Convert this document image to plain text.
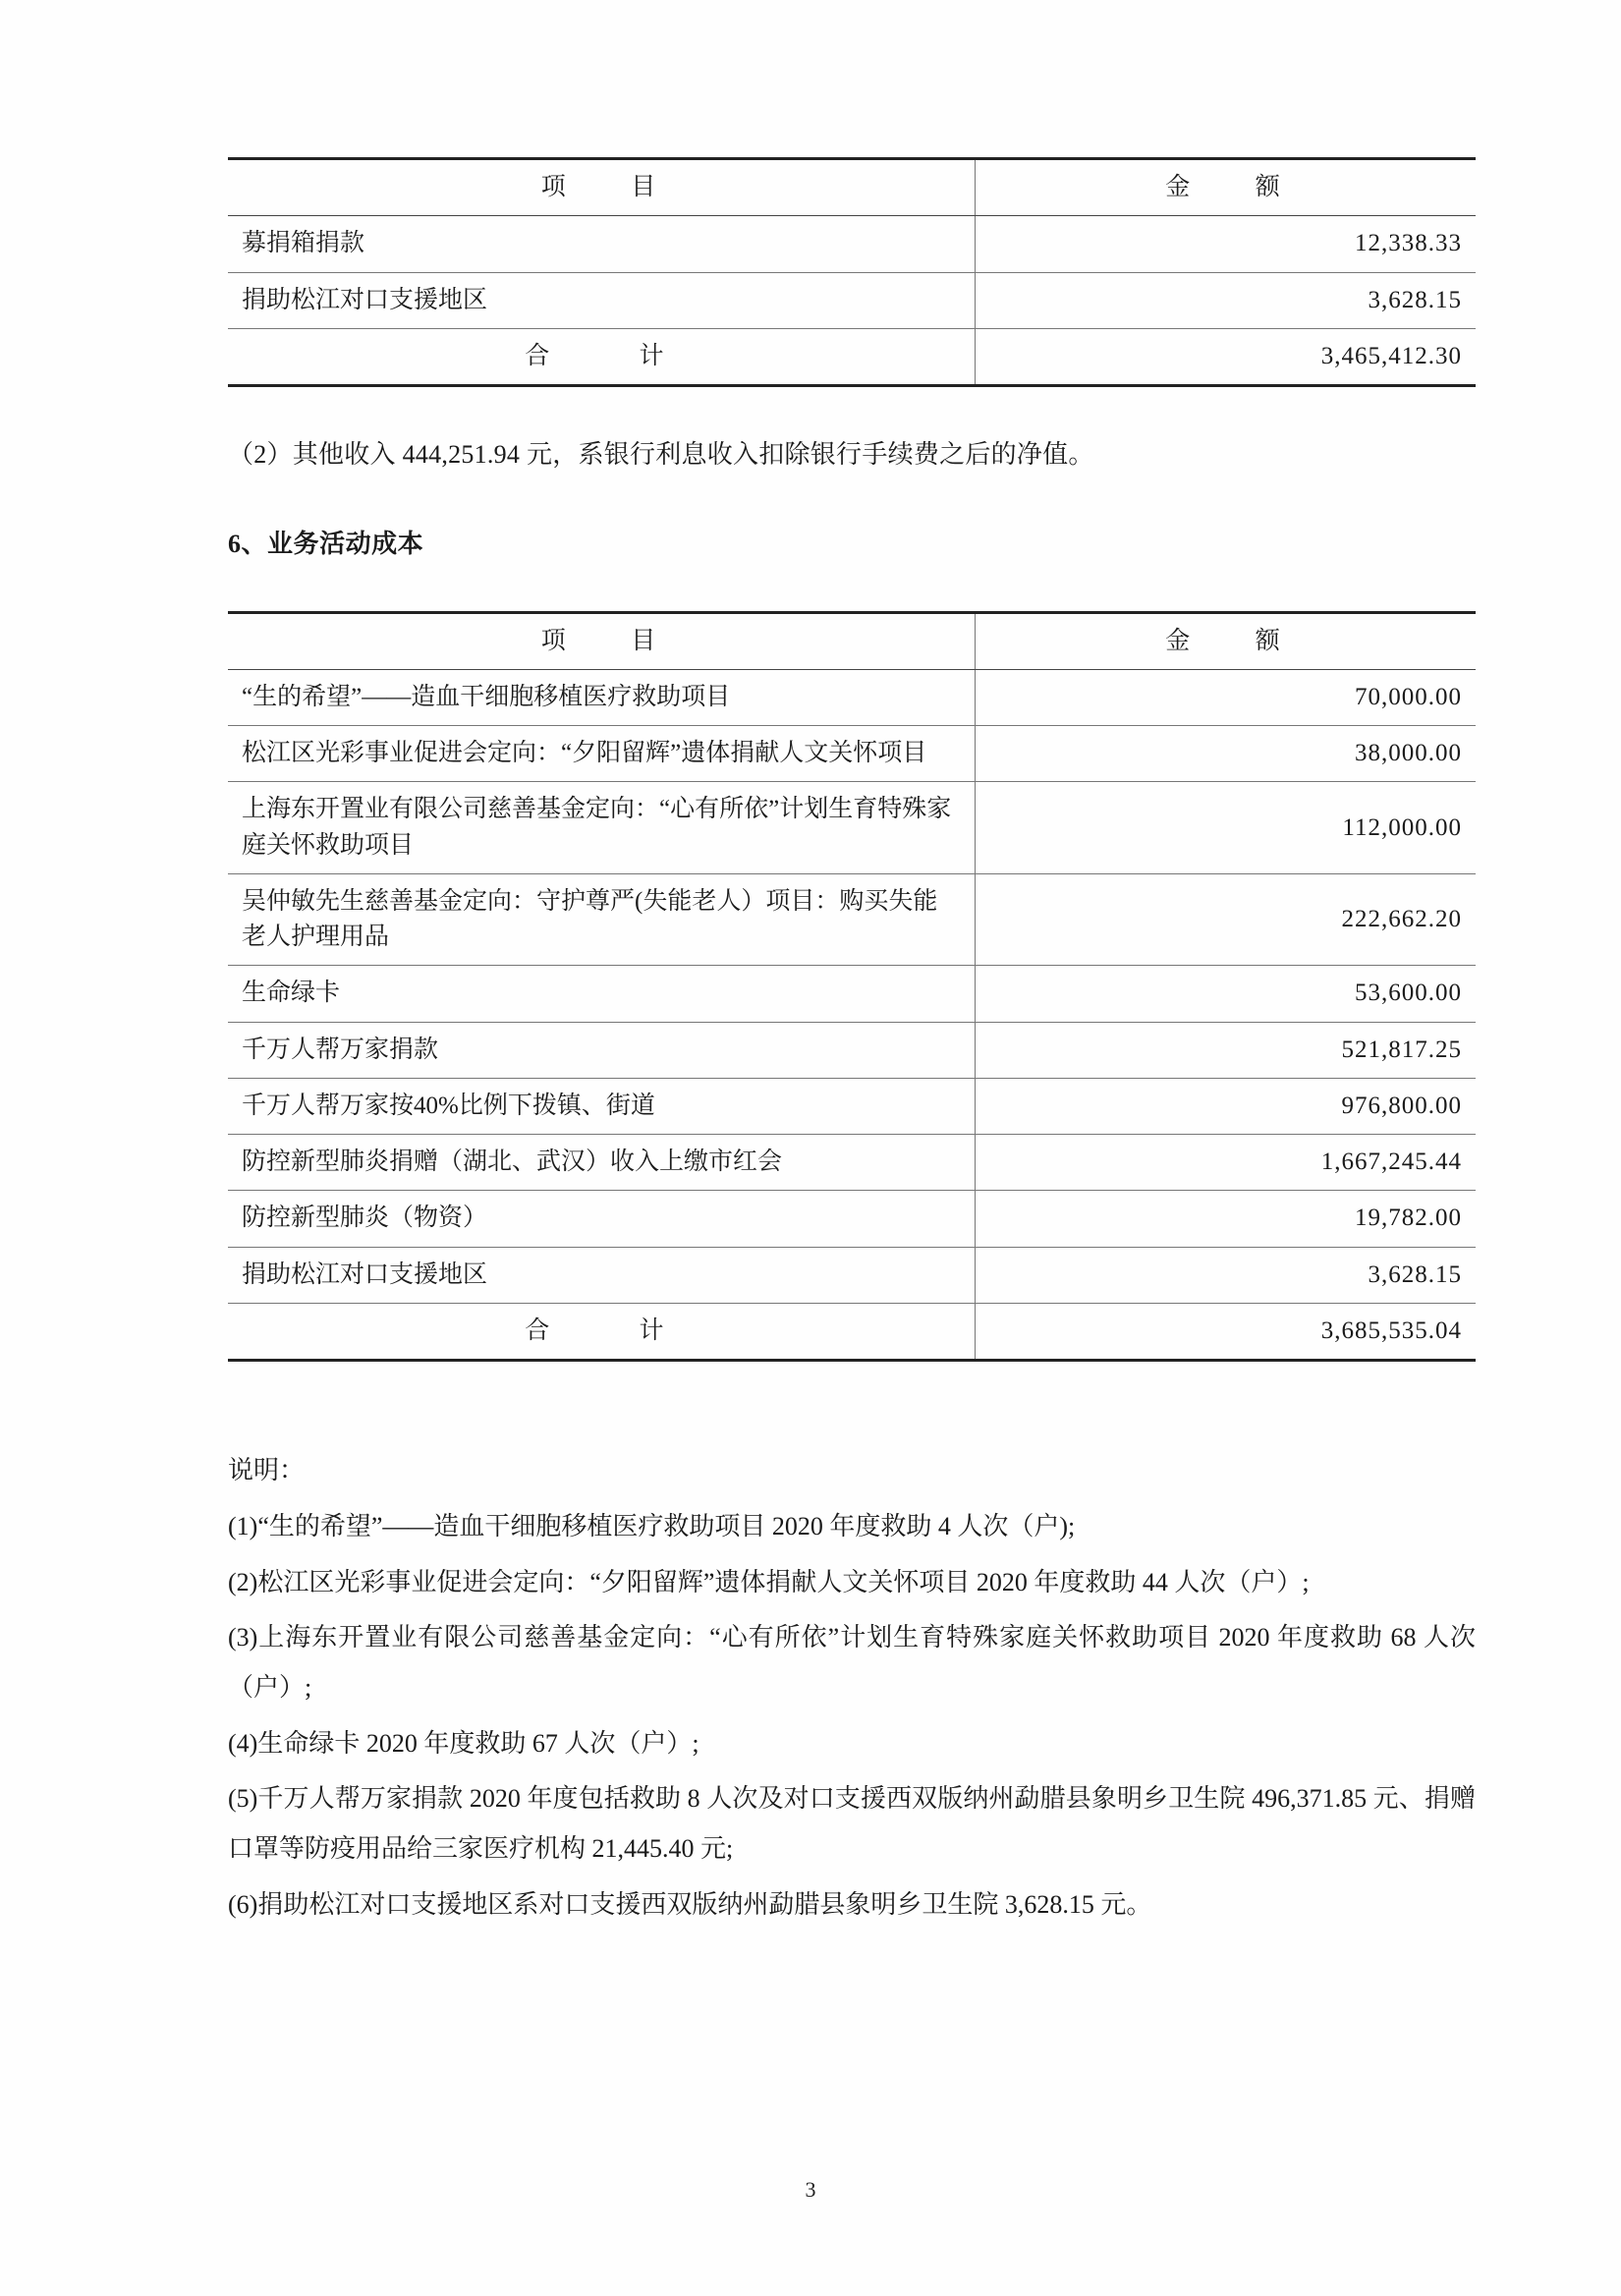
项　　目	金　　额
募捐箱捐款	12,338.33
捐助松江对口支援地区	3,628.15
合　　计	3,465,412.30

（2）其他收入 444,251.94 元，系银行利息收入扣除银行手续费之后的净值。

6、业务活动成本

项　　目	金　　额
“生的希望”——造血干细胞移植医疗救助项目	70,000.00
松江区光彩事业促进会定向：“夕阳留辉”遗体捐献人文关怀项目	38,000.00
上海东开置业有限公司慈善基金定向：“心有所依”计划生育特殊家庭关怀救助项目	112,000.00
吴仲敏先生慈善基金定向：守护尊严(失能老人）项目：购买失能老人护理用品	222,662.20
生命绿卡	53,600.00
千万人帮万家捐款	521,817.25
千万人帮万家按40%比例下拨镇、街道	976,800.00
防控新型肺炎捐赠（湖北、武汉）收入上缴市红会	1,667,245.44
防控新型肺炎（物资）	19,782.00
捐助松江对口支援地区	3,628.15
合　　计	3,685,535.04

说明：

(1)“生的希望”——造血干细胞移植医疗救助项目 2020 年度救助 4 人次（户);

(2)松江区光彩事业促进会定向：“夕阳留辉”遗体捐献人文关怀项目 2020 年度救助 44 人次（户）;

(3)上海东开置业有限公司慈善基金定向：“心有所依”计划生育特殊家庭关怀救助项目 2020 年度救助 68 人次（户）;

(4)生命绿卡 2020 年度救助 67 人次（户）;

(5)千万人帮万家捐款 2020 年度包括救助 8 人次及对口支援西双版纳州勐腊县象明乡卫生院 496,371.85 元、捐赠口罩等防疫用品给三家医疗机构 21,445.40 元;

(6)捐助松江对口支援地区系对口支援西双版纳州勐腊县象明乡卫生院 3,628.15 元。

3
